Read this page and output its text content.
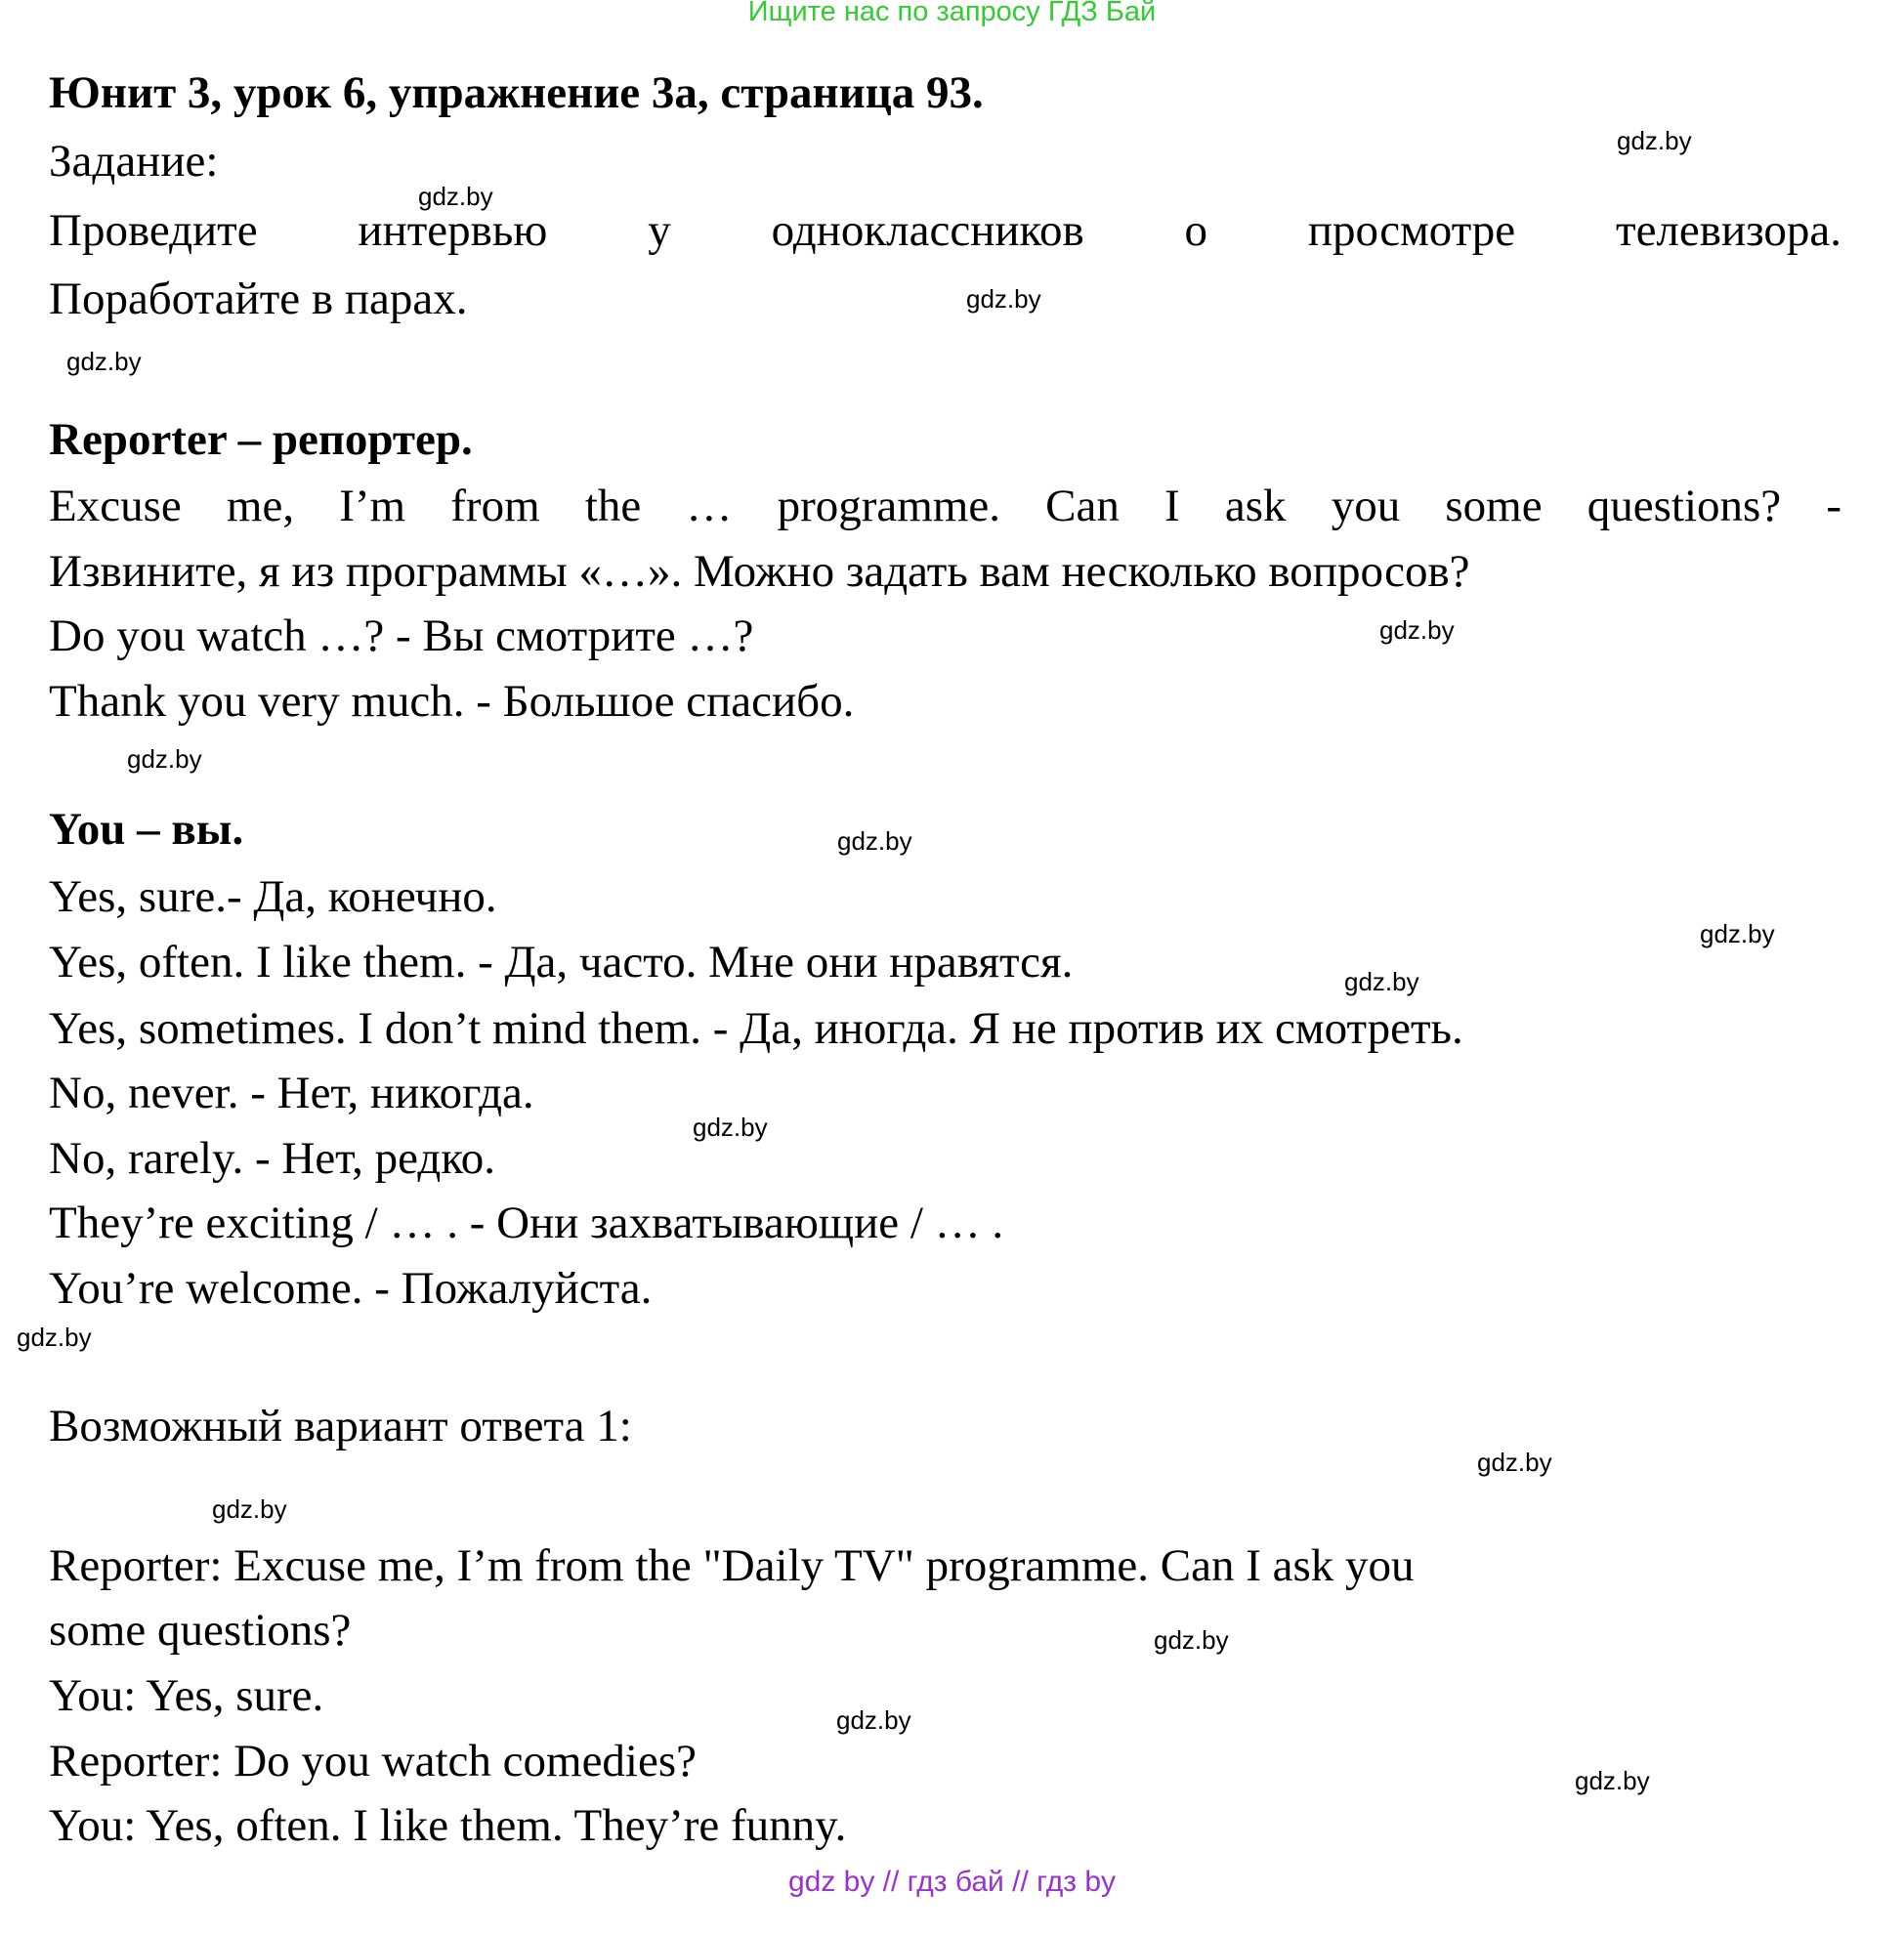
Ищите нас по запросу ГДЗ Бай
Юнит 3, урок 6, упражнение 3а, страница 93.
Задание:
Проведите интервью у одноклассников о просмотре телевизора.
Поработайте в парах.
Reporter – репортер.
Excuse me, I’m from the … programme. Can I ask you some questions? -
Извините, я из программы «…». Можно задать вам несколько вопросов?
Do you watch …? - Вы смотрите …?
Thank you very much. - Большое спасибо.
You – вы.
Yes, sure.- Да, конечно.
Yes, often. I like them. - Да, часто. Мне они нравятся.
Yes, sometimes. I don’t mind them. - Да, иногда. Я не против их смотреть.
No, never. - Нет, никогда.
No, rarely. - Нет, редко.
They’re exciting / … . - Они захватывающие / … .
You’re welcome. - Пожалуйста.
Возможный вариант ответа 1:
Reporter: Excuse me, I’m from the "Daily TV" programme. Can I ask you
some questions?
You: Yes, sure.
Reporter: Do you watch comedies?
You: Yes, often. I like them. They’re funny.
gdz.by
gdz.by
gdz.by
gdz.by
gdz.by
gdz.by
gdz.by
gdz.by
gdz.by
gdz.by
gdz.by
gdz.by
gdz.by
gdz.by
gdz.by
gdz.by
gdz by // гдз бай // гдз by
